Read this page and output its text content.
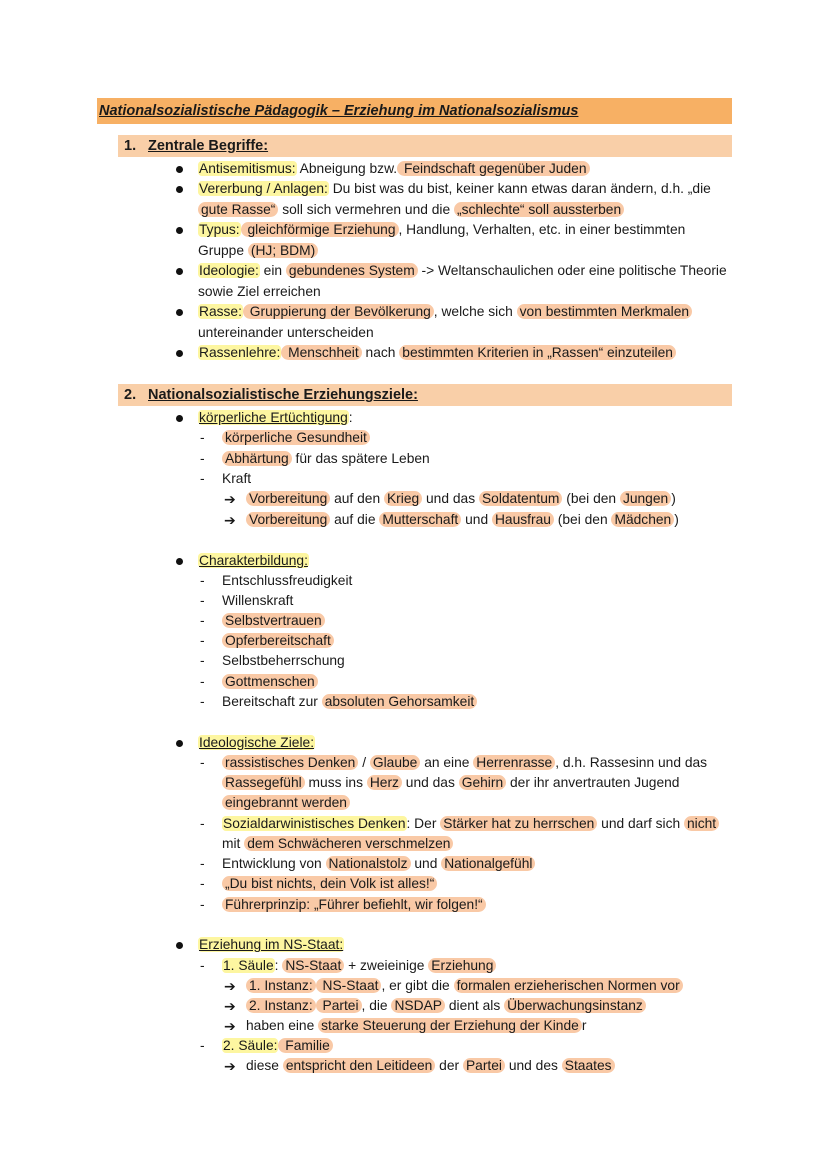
Nationalsozialistische Pädagogik – Erziehung im Nationalsozialismus
1. Zentrale Begriffe:
Antisemitismus: Abneigung bzw. Feindschaft gegenüber Juden
Vererbung / Anlagen: Du bist was du bist, keiner kann etwas daran ändern, d.h. „die
gute Rasse“ soll sich vermehren und die „schlechte“ soll aussterben
Typus: gleichförmige Erziehung , Handlung, Verhalten, etc. in einer bestimmten
Gruppe (HJ; BDM)
Ideologie: ein gebundenes System -> Weltanschaulichen oder eine politische Theorie
sowie Ziel erreichen
Rasse: Gruppierung der Bevölkerung , welche sich von bestimmten Merkmalen
untereinander unterscheiden
Rassenlehre: Menschheit nach bestimmten Kriterien in „Rassen“ einzuteilen
2. Nationalsozialistische Erziehungsziele:
körperliche Ertüchtigung:
- körperliche Gesundheit
- Abhärtung für das spätere Leben
- Kraft
➔ Vorbereitung auf den Krieg und das Soldatentum (bei den Jungen )
➔ Vorbereitung auf die Mutterschaft und Hausfrau (bei den Mädchen )
Charakterbildung:
- Entschlussfreudigkeit
- Willenskraft
- Selbstvertrauen
- Opferbereitschaft
- Selbstbeherrschung
- Gottmenschen
- Bereitschaft zur absoluten Gehorsamkeit
Ideologische Ziele:
- rassistisches Denken / Glaube an eine Herrenrasse , d.h. Rassesinn und das
Rassegefühl muss ins Herz und das Gehirn der ihr anvertrauten Jugend
eingebrannt werden
- Sozialdarwinistisches Denken: Der Stärker hat zu herrschen und darf sich nicht
mit dem Schwächeren verschmelzen
- Entwicklung von Nationalstolz und Nationalgefühl
- „Du bist nichts, dein Volk ist alles!“
- Führerprinzip: „Führer befiehlt, wir folgen!“
Erziehung im NS-Staat:
- 1. Säule: NS-Staat + zweieinige Erziehung
➔ 1. Instanz: NS-Staat , er gibt die formalen erzieherischen Normen vor
➔ 2. Instanz: Partei , die NSDAP dient als Überwachungsinstanz
➔ haben eine starke Steuerung der Erziehung der Kinde r
- 2. Säule: Familie
➔ diese entspricht den Leitideen der Partei und des Staates
